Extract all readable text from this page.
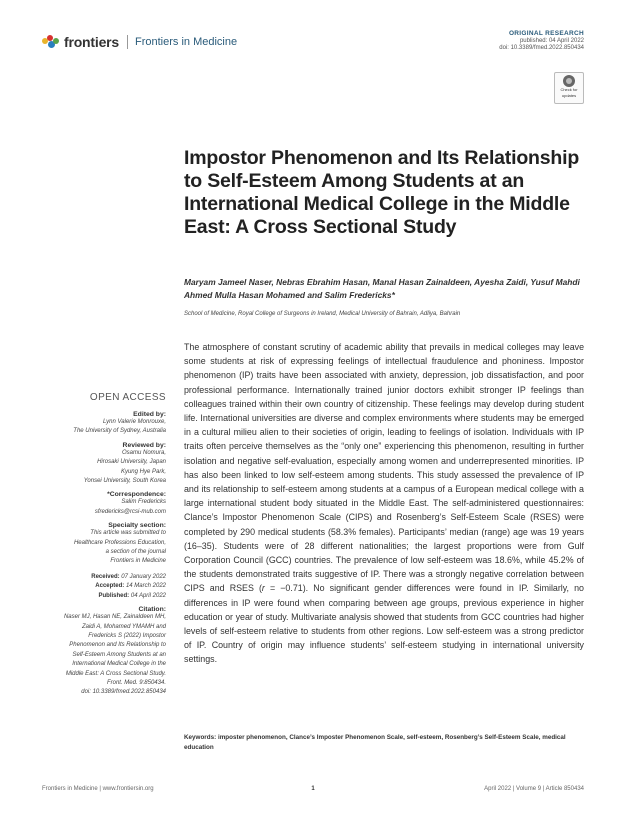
frontiers Frontiers in Medicine
ORIGINAL RESEARCH
published: 04 April 2022
doi: 10.3389/fmed.2022.850434
Check for
updates
Impostor Phenomenon and Its Relationship to Self-Esteem Among Students at an International Medical College in the Middle East: A Cross Sectional Study
Maryam Jameel Naser, Nebras Ebrahim Hasan, Manal Hasan Zainaldeen, Ayesha Zaidi, Yusuf Mahdi Ahmed Mulla Hasan Mohamed and Salim Fredericks*
School of Medicine, Royal College of Surgeons in Ireland, Medical University of Bahrain, Adliya, Bahrain
The atmosphere of constant scrutiny of academic ability that prevails in medical colleges may leave some students at risk of expressing feelings of intellectual fraudulence and phoniness. Impostor phenomenon (IP) traits have been associated with anxiety, depression, job dissatisfaction, and poor professional performance. Internationally trained junior doctors exhibit stronger IP feelings than colleagues trained within their own country of citizenship. These feelings may develop during student life. International universities are diverse and complex environments where students may be emerged in a cultural milieu alien to their societies of origin, leading to feelings of isolation. Individuals with IP traits often perceive themselves as the “only one” experiencing this phenomenon, resulting in further isolation and negative self-evaluation, especially among women and underrepresented minorities. IP has also been linked to low self-esteem among students. This study assessed the prevalence of IP and its relationship to self-esteem among students at a campus of a European medical college with a large international student body situated in the Middle East. The self-administered questionnaires: Clance’s Impostor Phenomenon Scale (CIPS) and Rosenberg’s Self-Esteem Scale (RSES) were completed by 290 medical students (58.3% females). Participants’ median (range) age was 19 years (16–35). Students were of 28 different nationalities; the largest proportions were from Gulf Corporation Council (GCC) countries. The prevalence of low self-esteem was 18.6%, while 45.2% of the students demonstrated traits suggestive of IP. There was a strongly negative correlation between CIPS and RSES (r = −0.71). No significant gender differences were found in IP. Similarly, no differences in IP were found when comparing between age groups, previous experience in higher education or year of study. Multivariate analysis showed that students from GCC countries had higher levels of self-esteem relative to students from other regions. Low self-esteem was a strong predictor of IP. Country of origin may influence students’ self-esteem studying in international university settings.
Keywords: imposter phenomenon, Clance’s Imposter Phenomenon Scale, self-esteem, Rosenberg’s Self-Esteem Scale, medical education
OPEN ACCESS
Edited by:
Lynn Valerie Monrouxe,
The University of Sydney, Australia
Reviewed by:
Osamu Nomura,
Hirosaki University, Japan
Kyung Hye Park,
Yonsei University, South Korea
*Correspondence:
Salim Fredericks
sfredericks@rcsi-mub.com
Specialty section:
This article was submitted to
Healthcare Professions Education,
a section of the journal
Frontiers in Medicine
Received: 07 January 2022
Accepted: 14 March 2022
Published: 04 April 2022
Citation:
Naser MJ, Hasan NE, Zainaldeen MH,
Zaidi A, Mohamed YMAMH and
Fredericks S (2022) Impostor
Phenomenon and Its Relationship to
Self-Esteem Among Students at an
International Medical College in the
Middle East: A Cross Sectional Study.
Front. Med. 9:850434.
doi: 10.3389/fmed.2022.850434
Frontiers in Medicine | www.frontiersin.org	1	April 2022 | Volume 9 | Article 850434
